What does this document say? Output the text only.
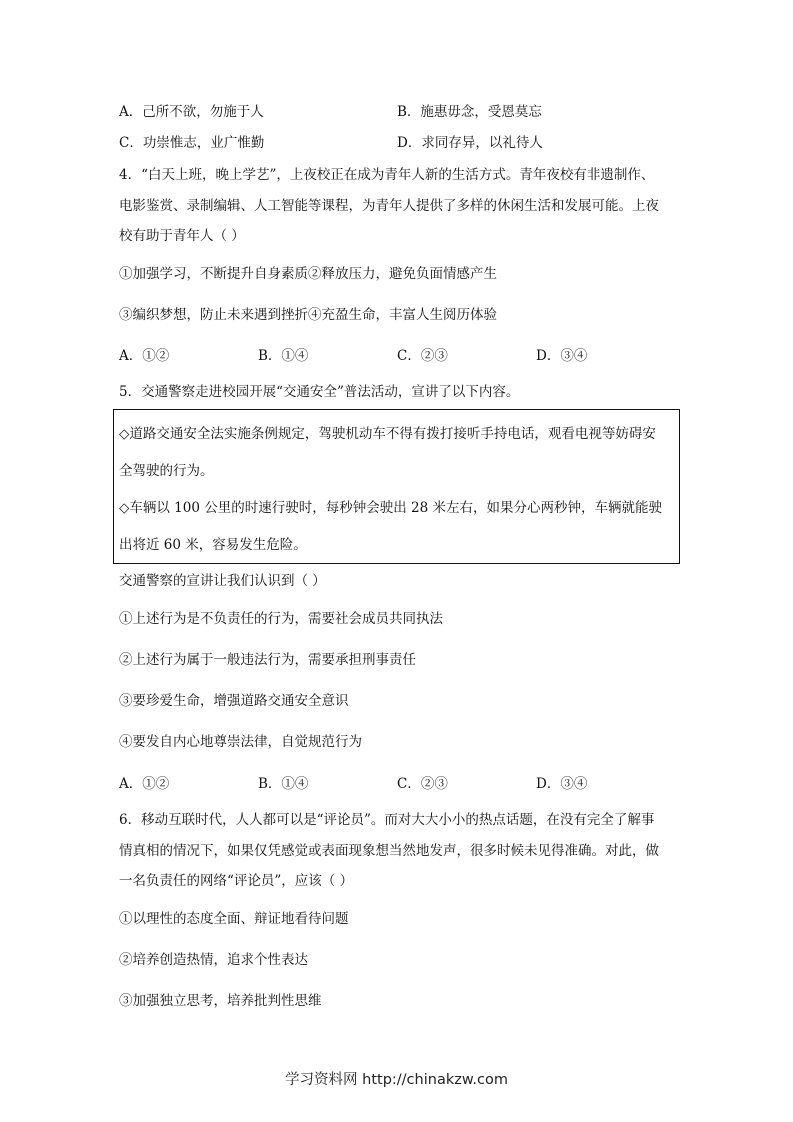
A．己所不欲，勿施于人	B．施惠毋念，受恩莫忘
C．功崇惟志，业广惟勤	D．求同存异，以礼待人
4．“白天上班，晚上学艺”，上夜校正在成为青年人新的生活方式。青年夜校有非遗制作、
电影鉴赏、录制编辑、人工智能等课程，为青年人提供了多样的休闲生活和发展可能。上夜
校有助于青年人（ ）
①加强学习，不断提升自身素质②释放压力，避免负面情感产生
③编织梦想，防止未来遇到挫折④充盈生命，丰富人生阅历体验
A．①②	B．①④	C．②③	D．③④
5．交通警察走进校园开展“交通安全”普法活动，宣讲了以下内容。
◇道路交通安全法实施条例规定，驾驶机动车不得有拨打接听手持电话，观看电视等妨碍安
全驾驶的行为。
◇车辆以 100 公里的时速行驶时，每秒钟会驶出 28 米左右，如果分心两秒钟，车辆就能驶
出将近 60 米，容易发生危险。
交通警察的宣讲让我们认识到（ ）
①上述行为是不负责任的行为，需要社会成员共同执法
②上述行为属于一般违法行为，需要承担刑事责任
③要珍爱生命，增强道路交通安全意识
④要发自内心地尊崇法律，自觉规范行为
A．①②	B．①④	C．②③	D．③④
6．移动互联时代，人人都可以是“评论员”。而对大大小小的热点话题，在没有完全了解事
情真相的情况下，如果仅凭感觉或表面现象想当然地发声，很多时候未见得准确。对此，做
一名负责任的网络“评论员”，应该（ ）
①以理性的态度全面、辩证地看待问题
②培养创造热情，追求个性表达
③加强独立思考，培养批判性思维
学习资料网 http://chinakzw.com
